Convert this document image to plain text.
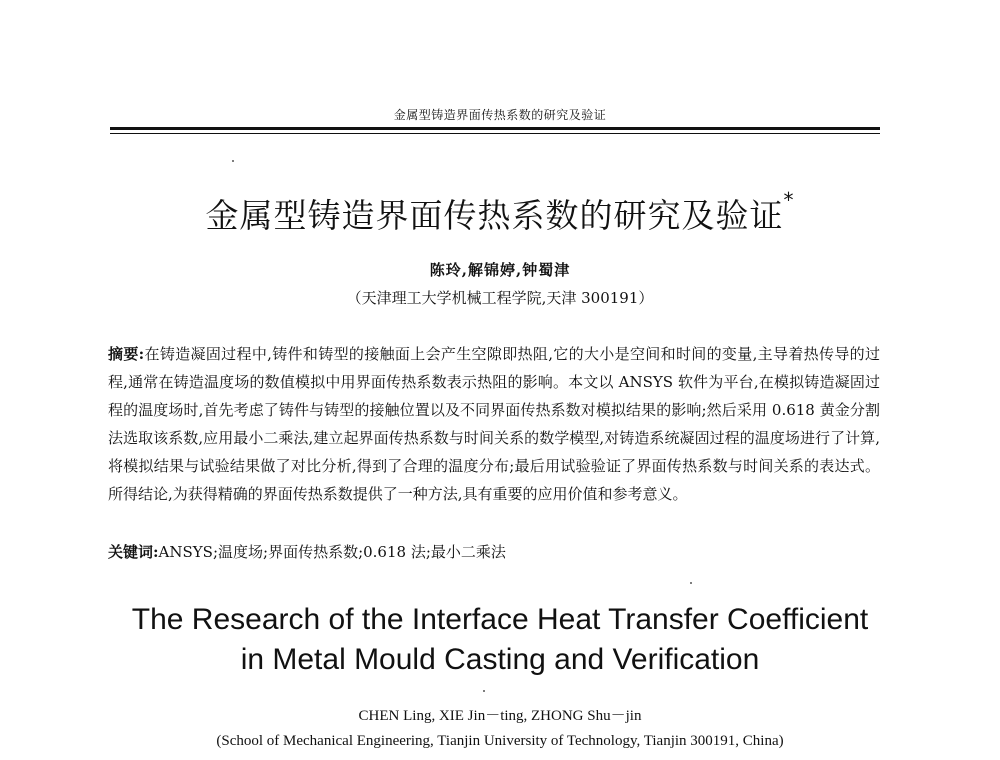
金属型铸造界面传热系数的研究及验证
金属型铸造界面传热系数的研究及验证*
陈玲,解锦婷,钟蜀津
（天津理工大学机械工程学院,天津 300191）
摘要:在铸造凝固过程中,铸件和铸型的接触面上会产生空隙即热阻,它的大小是空间和时间的变量,主导着热传导的过程,通常在铸造温度场的数值模拟中用界面传热系数表示热阻的影响。本文以 ANSYS 软件为平台,在模拟铸造凝固过程的温度场时,首先考虑了铸件与铸型的接触位置以及不同界面传热系数对模拟结果的影响;然后采用 0.618 黄金分割法选取该系数,应用最小二乘法,建立起界面传热系数与时间关系的数学模型,对铸造系统凝固过程的温度场进行了计算,将模拟结果与试验结果做了对比分析,得到了合理的温度分布;最后用试验验证了界面传热系数与时间关系的表达式。所得结论,为获得精确的界面传热系数提供了一种方法,具有重要的应用价值和参考意义。
关键词:ANSYS;温度场;界面传热系数;0.618 法;最小二乘法
The Research of the Interface Heat Transfer Coefficient
in Metal Mould Casting and Verification
CHEN Ling, XIE Jin－ting, ZHONG Shu－jin
(School of Mechanical Engineering, Tianjin University of Technology, Tianjin 300191, China)
